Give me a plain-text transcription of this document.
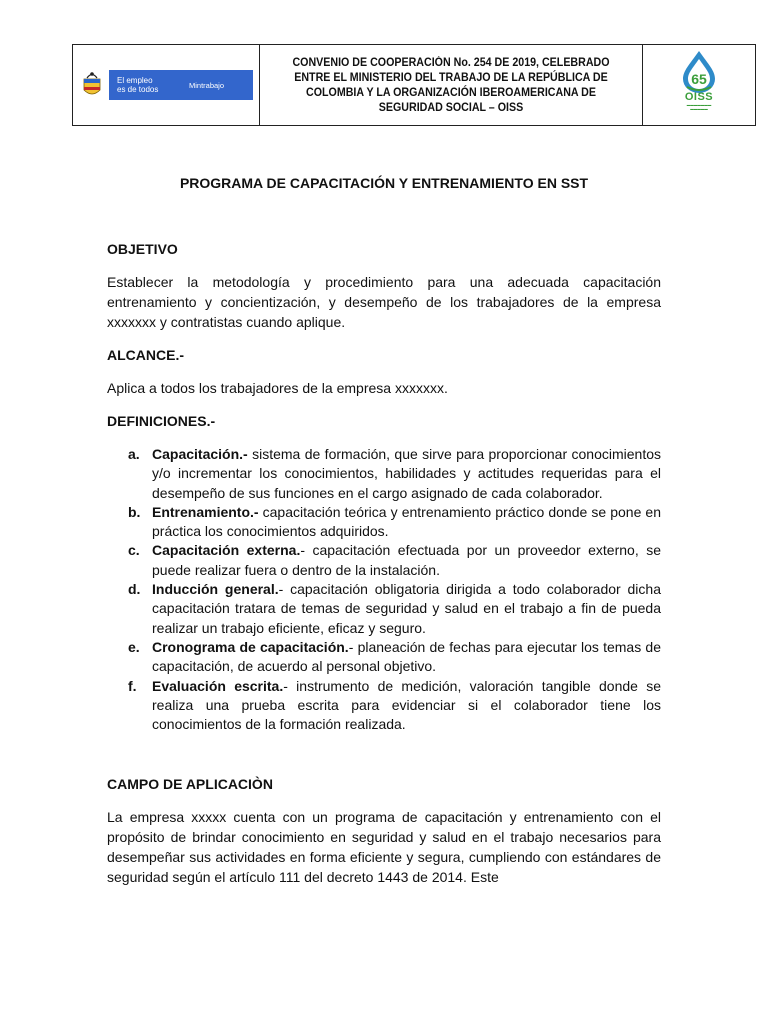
El empleo
es de todos	Mintrabajo
CONVENIO DE COOPERACIÓN No. 254 DE 2019, CELEBRADO
ENTRE EL MINISTERIO DEL TRABAJO DE LA REPÚBLICA DE
COLOMBIA Y LA ORGANIZACIÓN IBEROAMERICANA DE
SEGURIDAD SOCIAL – OISS
65
OISS
▬▬▬▬▬▬▬
▬▬▬▬▬
PROGRAMA DE CAPACITACIÓN Y ENTRENAMIENTO EN SST
OBJETIVO

Establecer la metodología y procedimiento para una adecuada capacitación entrenamiento y concientización, y desempeño de los trabajadores de la empresa xxxxxxx y contratistas cuando aplique.

ALCANCE.-

Aplica a todos los trabajadores de la empresa xxxxxxx.

DEFINICIONES.-
a. Capacitación.- sistema de formación, que sirve para proporcionar conocimientos y/o incrementar los conocimientos, habilidades y actitudes requeridas para el desempeño de sus funciones en el cargo asignado de cada colaborador.
b. Entrenamiento.- capacitación teórica y entrenamiento práctico donde se pone en práctica los conocimientos adquiridos.
c. Capacitación externa.- capacitación efectuada por un proveedor externo, se puede realizar fuera o dentro de la instalación.
d. Inducción general.- capacitación obligatoria dirigida a todo colaborador dicha capacitación tratara de temas de seguridad y salud en el trabajo a fin de pueda realizar un trabajo eficiente, eficaz y seguro.
e. Cronograma de capacitación.- planeación de fechas para ejecutar los temas de capacitación, de acuerdo al personal objetivo.
f. Evaluación escrita.- instrumento de medición, valoración tangible donde se realiza una prueba escrita para evidenciar si el colaborador tiene los conocimientos de la formación realizada.
CAMPO DE APLICACIÒN

La empresa xxxxx cuenta con un programa de capacitación y entrenamiento con el propósito de brindar conocimiento en seguridad y salud en el trabajo necesarios para desempeñar sus actividades en forma eficiente y segura, cumpliendo con estándares de seguridad según el artículo 111 del decreto 1443 de 2014. Este
